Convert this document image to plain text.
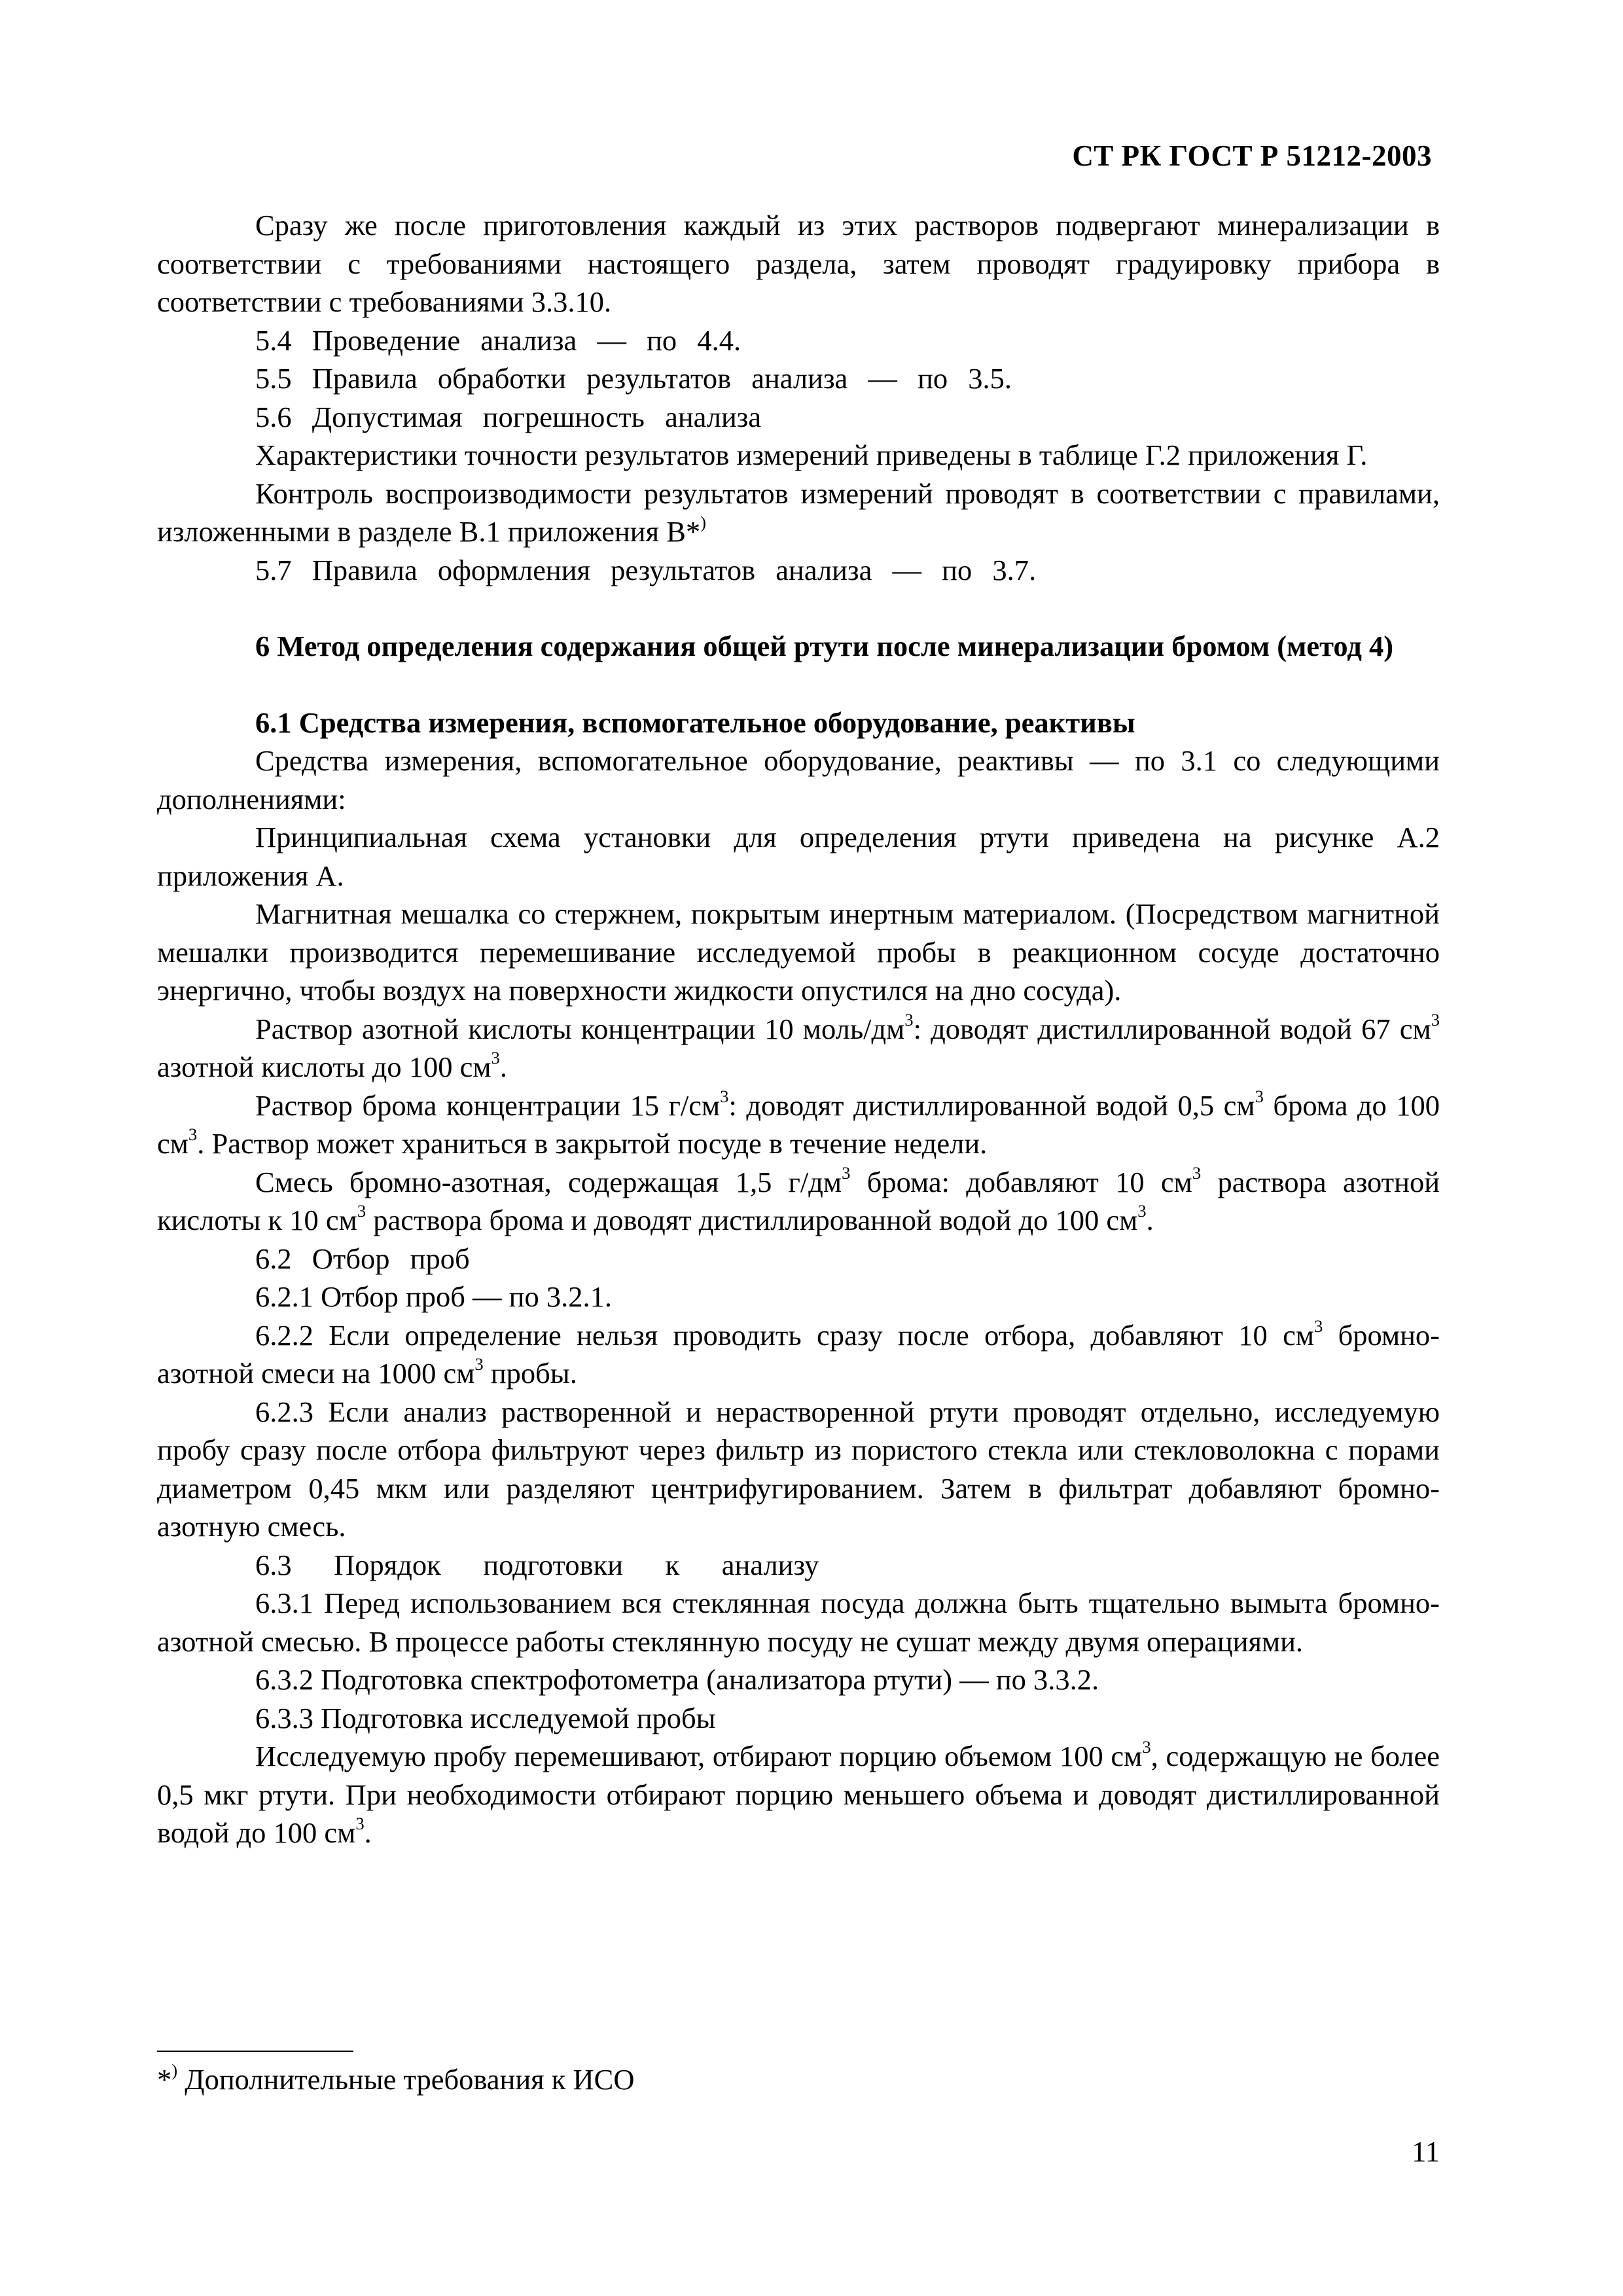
СТ РК ГОСТ Р 51212-2003

Сразу же после приготовления каждый из этих растворов подвергают минерализации в соответствии с требованиями настоящего раздела, затем проводят градуировку прибора в соответствии с требованиями 3.3.10.

5.4 Проведение анализа — по 4.4.

5.5 Правила обработки результатов анализа — по 3.5.

5.6 Допустимая погрешность анализа

Характеристики точности результатов измерений приведены в таблице Г.2 приложения Г.

Контроль воспроизводимости результатов измерений проводят в соответствии с правилами, изложенными в разделе В.1 приложения В*)

5.7 Правила оформления результатов анализа — по 3.7.

6 Метод определения содержания общей ртути после минерализации бромом (метод 4)

6.1 Средства измерения, вспомогательное оборудование, реактивы

Средства измерения, вспомогательное оборудование, реактивы — по 3.1 со следующими дополнениями:

Принципиальная схема установки для определения ртути приведена на рисунке А.2 приложения А.

Магнитная мешалка со стержнем, покрытым инертным материалом. (Посредством магнитной мешалки производится перемешивание исследуемой пробы в реакционном сосуде достаточно энергично, чтобы воздух на поверхности жидкости опустился на дно сосуда).

Раствор азотной кислоты концентрации 10 моль/$дм^3$: доводят дистиллированной водой 67 $см^3$ азотной кислоты до 100 $см^3$.

Раствор брома концентрации 15 $г/см^3$: доводят дистиллированной водой 0,5 $см^3$ брома до 100 $см^3$. Раствор может храниться в закрытой посуде в течение недели.

Смесь бромно-азотная, содержащая 1,5 $г/дм^3$ брома: добавляют 10 $см^3$ раствора азотной кислоты к 10 $см^3$ раствора брома и доводят дистиллированной водой до 100 $см^3$.

6.2 Отбор проб

6.2.1 Отбор проб — по 3.2.1.

6.2.2 Если определение нельзя проводить сразу после отбора, добавляют 10 $см^3$ бромно-азотной смеси на 1000 $см^3$ пробы.

6.2.3 Если анализ растворенной и нерастворенной ртути проводят отдельно, исследуемую пробу сразу после отбора фильтруют через фильтр из пористого стекла или стекловолокна с порами диаметром 0,45 мкм или разделяют центрифугированием. Затем в фильтрат добавляют бромно-азотную смесь.

6.3 Порядок подготовки к анализу

6.3.1 Перед использованием вся стеклянная посуда должна быть тщательно вымыта бромно-азотной смесью. В процессе работы стеклянную посуду не сушат между двумя операциями.

6.3.2 Подготовка спектрофотометра (анализатора ртути) — по 3.3.2.

6.3.3 Подготовка исследуемой пробы

Исследуемую пробу перемешивают, отбирают порцию объемом 100 $см^3$, содержащую не более 0,5 мкг ртути. При необходимости отбирают порцию меньшего объема и доводят дистиллированной водой до 100 $см^3$.

*) Дополнительные требования к ИСО
11
